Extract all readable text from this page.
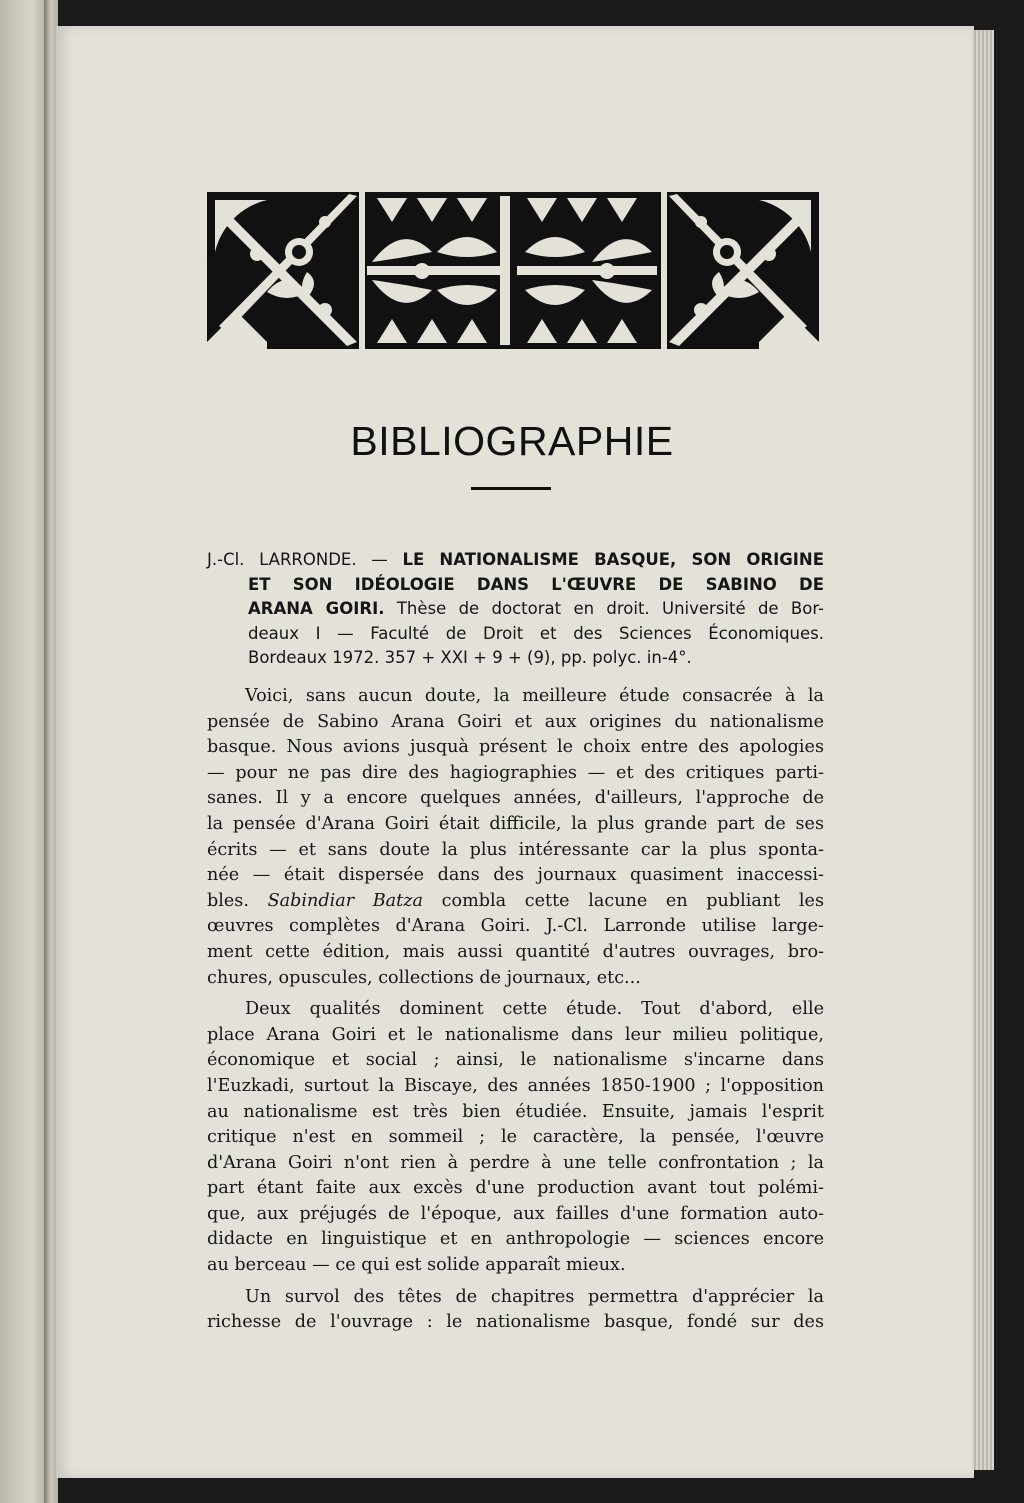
BIBLIOGRAPHIE
J.-Cl. LARRONDE. — LE NATIONALISME BASQUE, SON ORIGINE
ET SON IDÉOLOGIE DANS L'ŒUVRE DE SABINO DE
ARANA GOIRI. Thèse de doctorat en droit. Université de Bor-
deaux I — Faculté de Droit et des Sciences Économiques.
Bordeaux 1972. 357 + XXI + 9 + (9), pp. polyc. in-4°.
Voici, sans aucun doute, la meilleure étude consacrée à la
pensée de Sabino Arana Goiri et aux origines du nationalisme
basque. Nous avions jusquà présent le choix entre des apologies
— pour ne pas dire des hagiographies — et des critiques parti-
sanes. Il y a encore quelques années, d'ailleurs, l'approche de
la pensée d'Arana Goiri était difficile, la plus grande part de ses
écrits — et sans doute la plus intéressante car la plus sponta-
née — était dispersée dans des journaux quasiment inaccessi-
bles. Sabindiar Batza combla cette lacune en publiant les
œuvres complètes d'Arana Goiri. J.-Cl. Larronde utilise large-
ment cette édition, mais aussi quantité d'autres ouvrages, bro-
chures, opuscules, collections de journaux, etc...
Deux qualités dominent cette étude. Tout d'abord, elle
place Arana Goiri et le nationalisme dans leur milieu politique,
économique et social ; ainsi, le nationalisme s'incarne dans
l'Euzkadi, surtout la Biscaye, des années 1850-1900 ; l'opposition
au nationalisme est très bien étudiée. Ensuite, jamais l'esprit
critique n'est en sommeil ; le caractère, la pensée, l'œuvre
d'Arana Goiri n'ont rien à perdre à une telle confrontation ; la
part étant faite aux excès d'une production avant tout polémi-
que, aux préjugés de l'époque, aux failles d'une formation auto-
didacte en linguistique et en anthropologie — sciences encore
au berceau — ce qui est solide apparaît mieux.
Un survol des têtes de chapitres permettra d'apprécier la
richesse de l'ouvrage : le nationalisme basque, fondé sur des
